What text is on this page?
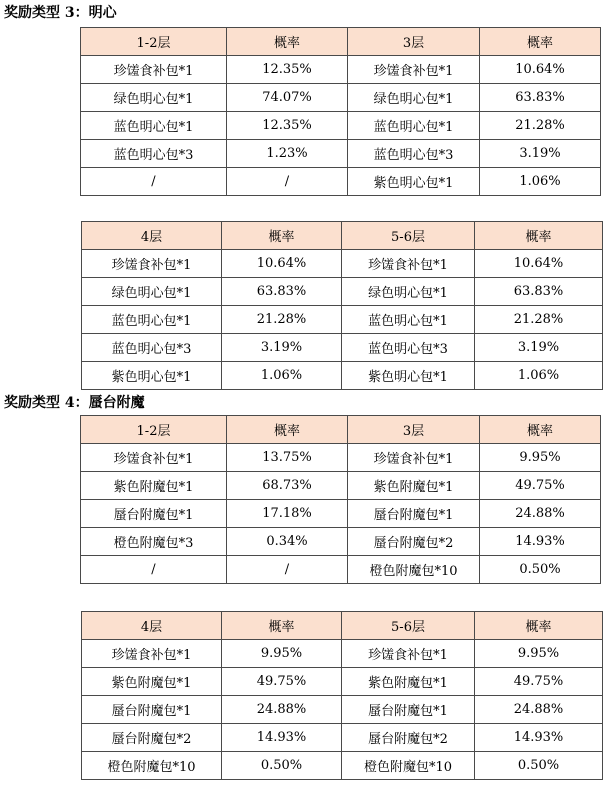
奖励类型 3：明心
1-2层	概率	3层	概率
珍馐食补包*1	12.35%	珍馐食补包*1	10.64%
绿色明心包*1	74.07%	绿色明心包*1	63.83%
蓝色明心包*1	12.35%	蓝色明心包*1	21.28%
蓝色明心包*3	1.23%	蓝色明心包*3	3.19%
/	/	紫色明心包*1	1.06%
4层	概率	5-6层	概率
珍馐食补包*1	10.64%	珍馐食补包*1	10.64%
绿色明心包*1	63.83%	绿色明心包*1	63.83%
蓝色明心包*1	21.28%	蓝色明心包*1	21.28%
蓝色明心包*3	3.19%	蓝色明心包*3	3.19%
紫色明心包*1	1.06%	紫色明心包*1	1.06%
奖励类型 4：蜃台附魔
1-2层	概率	3层	概率
珍馐食补包*1	13.75%	珍馐食补包*1	9.95%
紫色附魔包*1	68.73%	紫色附魔包*1	49.75%
蜃台附魔包*1	17.18%	蜃台附魔包*1	24.88%
橙色附魔包*3	0.34%	蜃台附魔包*2	14.93%
/	/	橙色附魔包*10	0.50%
4层	概率	5-6层	概率
珍馐食补包*1	9.95%	珍馐食补包*1	9.95%
紫色附魔包*1	49.75%	紫色附魔包*1	49.75%
蜃台附魔包*1	24.88%	蜃台附魔包*1	24.88%
蜃台附魔包*2	14.93%	蜃台附魔包*2	14.93%
橙色附魔包*10	0.50%	橙色附魔包*10	0.50%
